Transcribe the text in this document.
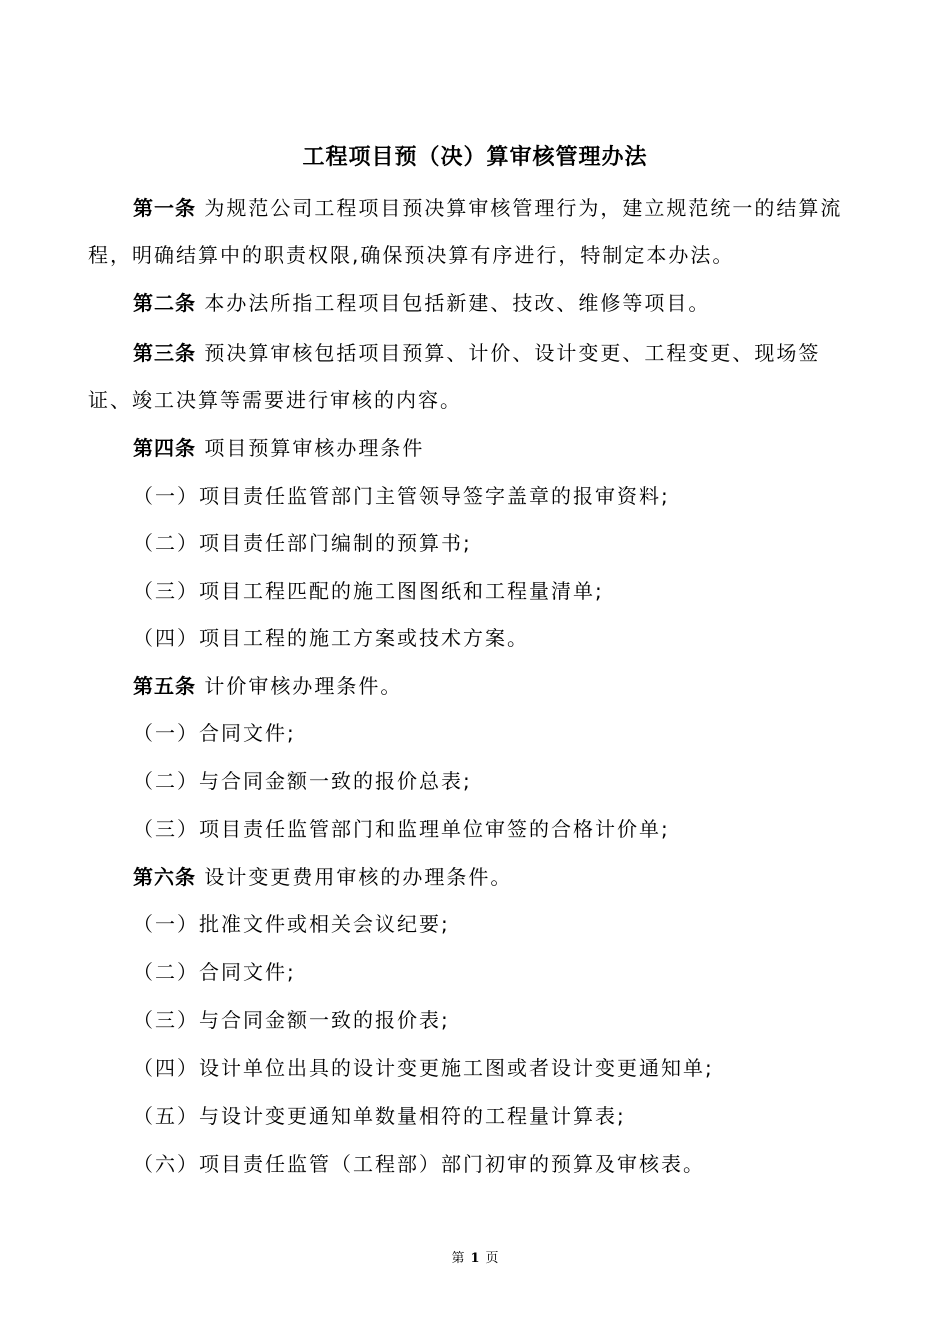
工程项目预（决）算审核管理办法
第一条 为规范公司工程项目预决算审核管理行为，建立规范统一的结算流
程，明确结算中的职责权限,确保预决算有序进行，特制定本办法。
第二条 本办法所指工程项目包括新建、技改、维修等项目。
第三条 预决算审核包括项目预算、计价、设计变更、工程变更、现场签
证、竣工决算等需要进行审核的内容。
第四条 项目预算审核办理条件
（一）项目责任监管部门主管领导签字盖章的报审资料;
（二）项目责任部门编制的预算书;
（三）项目工程匹配的施工图图纸和工程量清单;
（四）项目工程的施工方案或技术方案。
第五条 计价审核办理条件。
（一）合同文件;
（二）与合同金额一致的报价总表;
（三）项目责任监管部门和监理单位审签的合格计价单;
第六条 设计变更费用审核的办理条件。
（一）批准文件或相关会议纪要;
（二）合同文件;
（三）与合同金额一致的报价表;
（四）设计单位出具的设计变更施工图或者设计变更通知单;
（五）与设计变更通知单数量相符的工程量计算表;
（六）项目责任监管（工程部）部门初审的预算及审核表。
第 1 页
